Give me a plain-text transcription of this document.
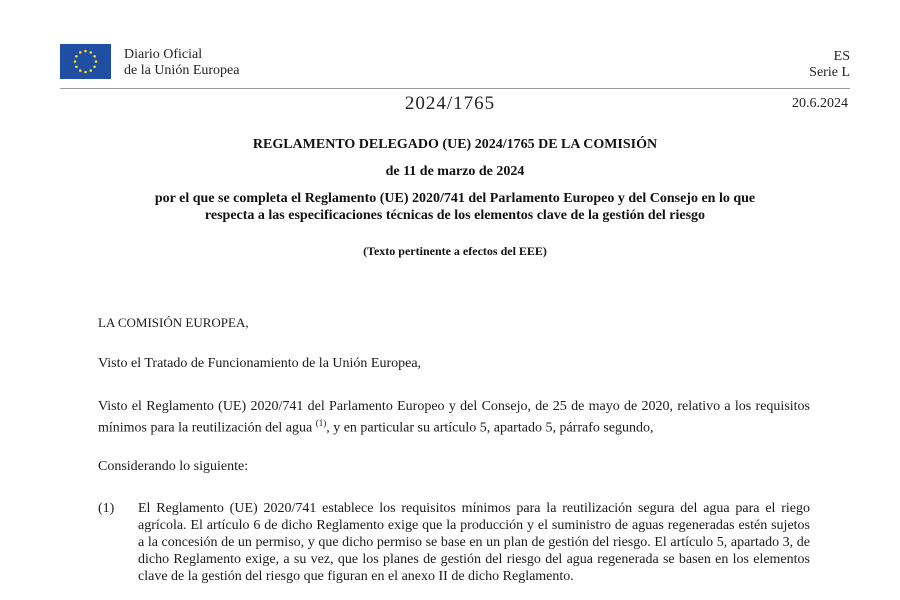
Diario Oficial
de la Unión Europea
ES
Serie L
2024/1765	20.6.2024
REGLAMENTO DELEGADO (UE) 2024/1765 DE LA COMISIÓN
de 11 de marzo de 2024
por el que se completa el Reglamento (UE) 2020/741 del Parlamento Europeo y del Consejo en lo que
respecta a las especificaciones técnicas de los elementos clave de la gestión del riesgo
(Texto pertinente a efectos del EEE)
LA COMISIÓN EUROPEA,
Visto el Tratado de Funcionamiento de la Unión Europea,
Visto el Reglamento (UE) 2020/741 del Parlamento Europeo y del Consejo, de 25 de mayo de 2020, relativo a los requisitos mínimos para la reutilización del agua $^{(1)}$, y en particular su artículo 5, apartado 5, párrafo segundo,
Considerando lo siguiente:
(1) El Reglamento (UE) 2020/741 establece los requisitos mínimos para la reutilización segura del agua para el riego agrícola. El artículo 6 de dicho Reglamento exige que la producción y el suministro de aguas regeneradas estén sujetos a la concesión de un permiso, y que dicho permiso se base en un plan de gestión del riesgo. El artículo 5, apartado 3, de dicho Reglamento exige, a su vez, que los planes de gestión del riesgo del agua regenerada se basen en los elementos clave de la gestión del riesgo que figuran en el anexo II de dicho Reglamento.
